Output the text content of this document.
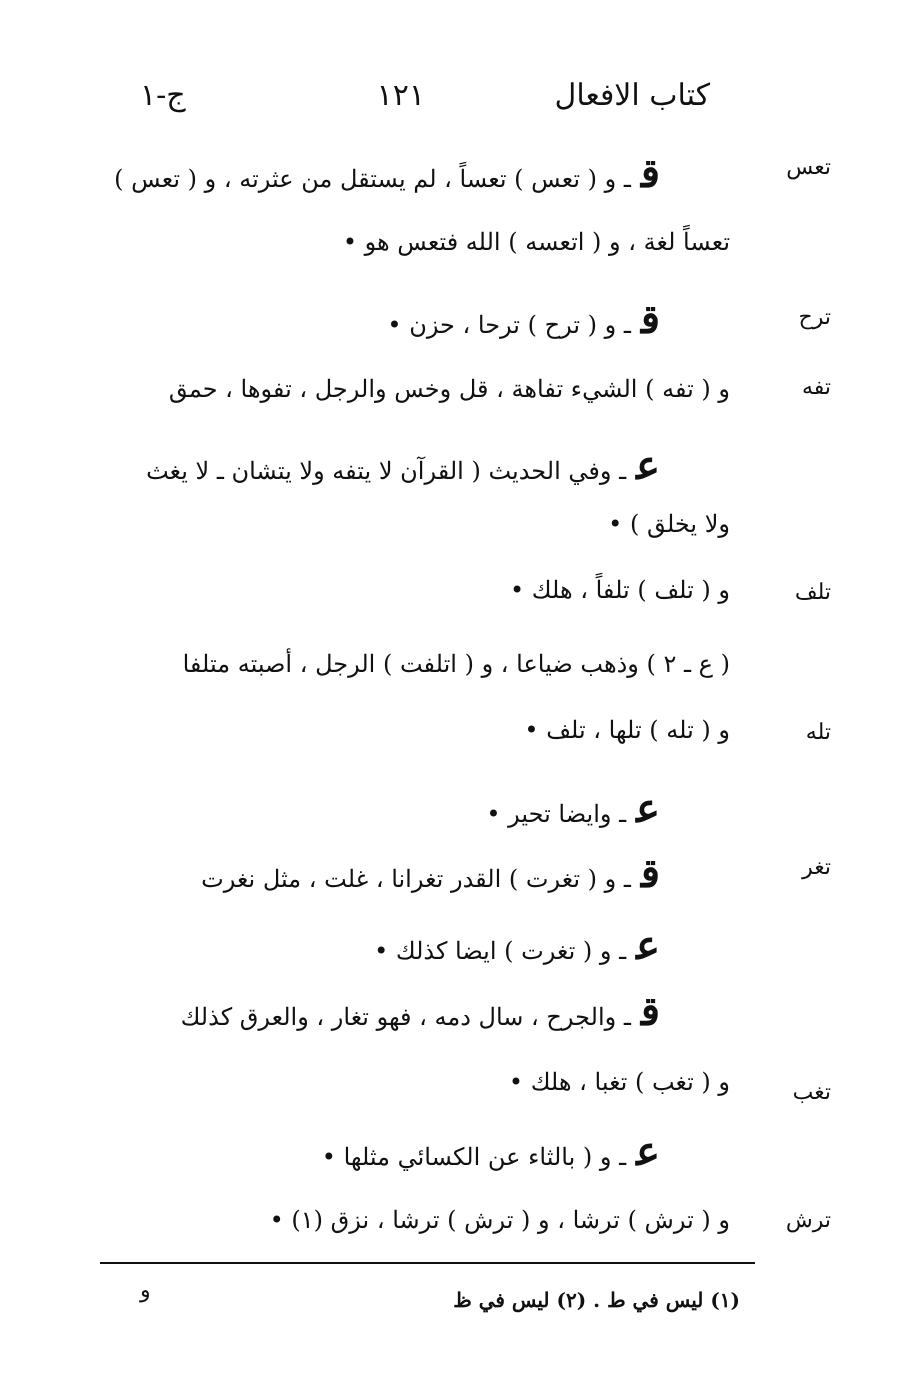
كتاب الافعال
١٢١
ج-١
تعس
قـ و ( تعس ) تعساً ، لم يستقل من عثرته ، و ( تعس )
تعساً لغة ، و ( اتعسه ) الله فتعس هو •
ترح
قـ و ( ترح ) ترحا ، حزن •
تفه
و ( تفه ) الشيء تفاهة ، قل وخس والرجل ، تفوها ، حمق
عـ وفي الحديث ( القرآن لا يتفه ولا يتشان ـ لا يغث
ولا يخلق ) •
تلف
و ( تلف ) تلفاً ، هلك •
( ع ـ ٢ ) وذهب ضياعا ، و ( اتلفت ) الرجل ، أصبته متلفا
تله
و ( تله ) تلها ، تلف •
عـ وايضا تحير •
تغر
قـ و ( تغرت ) القدر تغرانا ، غلت ، مثل نغرت
عـ و ( تغرت ) ايضا كذلك •
قـ والجرح ، سال دمه ، فهو تغار ، والعرق كذلك
تغب
و ( تغب ) تغبا ، هلك •
عـ و ( بالثاء عن الكسائي مثلها •
ترش
و ( ترش ) ترشا ، و ( ترش ) ترشا ، نزق (١) •
(١) ليس في ط . (٢) ليس في ظ
و
